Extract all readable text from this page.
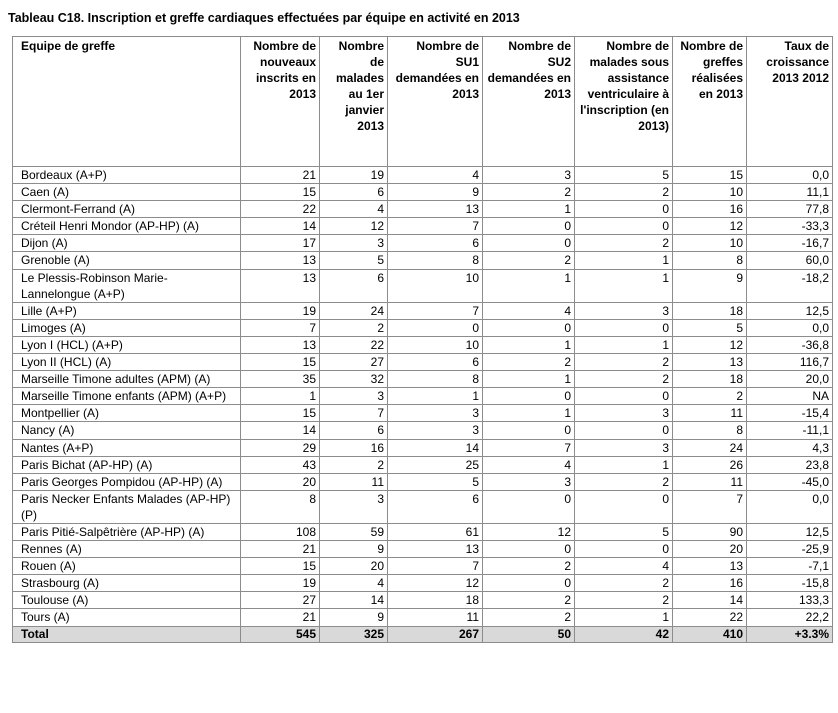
Tableau C18. Inscription et greffe cardiaques effectuées par équipe en activité en 2013
Equipe de greffe	Nombre de nouveaux inscrits en 2013	Nombre de malades au 1er janvier 2013	Nombre de SU1 demandées en 2013	Nombre de SU2 demandées en 2013	Nombre de malades sous assistance ventriculaire à l'inscription (en 2013)	Nombre de greffes réalisées en 2013	Taux de croissance 2013 2012
Bordeaux (A+P)	21	19	4	3	5	15	0,0
Caen (A)	15	6	9	2	2	10	11,1
Clermont-Ferrand (A)	22	4	13	1	0	16	77,8
Créteil Henri Mondor (AP-HP) (A)	14	12	7	0	0	12	-33,3
Dijon (A)	17	3	6	0	2	10	-16,7
Grenoble (A)	13	5	8	2	1	8	60,0
Le Plessis-Robinson Marie-Lannelongue (A+P)	13	6	10	1	1	9	-18,2
Lille (A+P)	19	24	7	4	3	18	12,5
Limoges (A)	7	2	0	0	0	5	0,0
Lyon I (HCL) (A+P)	13	22	10	1	1	12	-36,8
Lyon II (HCL) (A)	15	27	6	2	2	13	116,7
Marseille Timone adultes (APM) (A)	35	32	8	1	2	18	20,0
Marseille Timone enfants (APM) (A+P)	1	3	1	0	0	2	NA
Montpellier (A)	15	7	3	1	3	11	-15,4
Nancy (A)	14	6	3	0	0	8	-11,1
Nantes (A+P)	29	16	14	7	3	24	4,3
Paris Bichat (AP-HP) (A)	43	2	25	4	1	26	23,8
Paris Georges Pompidou (AP-HP) (A)	20	11	5	3	2	11	-45,0
Paris Necker Enfants Malades (AP-HP) (P)	8	3	6	0	0	7	0,0
Paris Pitié-Salpêtrière (AP-HP) (A)	108	59	61	12	5	90	12,5
Rennes (A)	21	9	13	0	0	20	-25,9
Rouen (A)	15	20	7	2	4	13	-7,1
Strasbourg (A)	19	4	12	0	2	16	-15,8
Toulouse (A)	27	14	18	2	2	14	133,3
Tours (A)	21	9	11	2	1	22	22,2
Total	545	325	267	50	42	410	+3.3%
